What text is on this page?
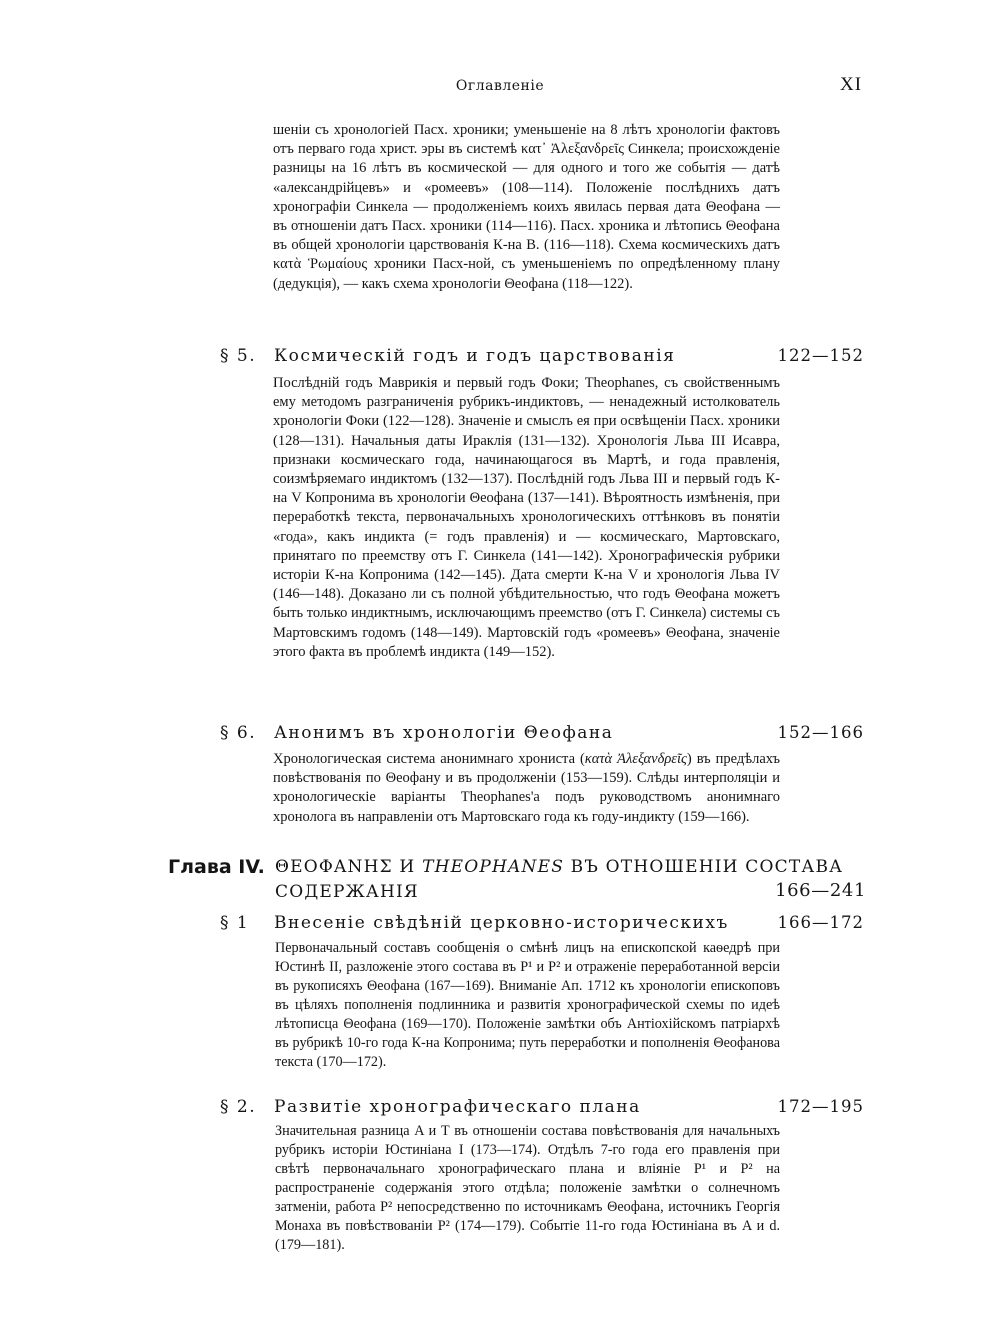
Оглавленіе	XI
шеніи съ хронологіей Пасх. хроники; уменьшеніе на 8 лѣтъ хронологіи фактовъ отъ перваго года христ. эры въ системѣ κατ᾽ Ἀλεξανδρεῖς Синкела; происхожденіе разницы на 16 лѣтъ въ космической — для одного и того же событія — датѣ «александрійцевъ» и «ромеевъ» (108—114). Положеніе послѣднихъ датъ хронографіи Синкела — продолженіемъ коихъ явилась первая дата Θеофана — въ отношеніи датъ Пасх. хроники (114—116). Пасх. хроника и лѣтопись Θеофана въ общей хронологіи царствованія К-на В. (116—118). Схема космическихъ датъ κατὰ Ῥωμαίους хроники Пасх-ной, съ уменьшеніемъ по опредѣленному плану (дедукція), — какъ схема хронологіи Θеофана (118—122).
§ 5. Космическій годъ и годъ царствованія	122—152
Послѣдній годъ Маврикія и первый годъ Фоки; Theophanes, съ свойственнымъ ему методомъ разграниченія рубрикъ-индиктовъ, — ненадежный истолкователь хронологіи Фоки (122—128). Значеніе и смыслъ ея при освѣщеніи Пасх. хроники (128—131). Начальныя даты Ираклія (131—132). Хронологія Льва III Исавра, признаки космическаго года, начинающагося въ Мартѣ, и года правленія, соизмѣряемаго индиктомъ (132—137). Послѣдній годъ Льва III и первый годъ К-на V Копронима въ хронологіи Θеофана (137—141). Вѣроятность измѣненія, при переработкѣ текста, первоначальныхъ хронологическихъ оттѣнковъ въ понятіи «года», какъ индикта (= годъ правленія) и — космическаго, Мартовскаго, принятаго по преемству отъ Г. Синкела (141—142). Хронографическія рубрики исторіи К-на Копронима (142—145). Дата смерти К-на V и хронологія Льва IV (146—148). Доказано ли съ полной убѣдительностью, что годъ Θеофана можетъ быть только индиктнымъ, исключающимъ преемство (отъ Г. Синкела) системы съ Мартовскимъ годомъ (148—149). Мартовскій годъ «ромеевъ» Θеофана, значеніе этого факта въ проблемѣ индикта (149—152).
§ 6. Анонимъ въ хронологіи Θеофана	152—166
Хронологическая система анонимнаго хрониста (κατὰ Ἀλεξανδρεῖς) въ предѣлахъ повѣствованія по Θеофану и въ продолженіи (153—159). Слѣды интерполяціи и хронологическіе варіанты Theophanes'а подъ руководствомъ анонимнаго хронолога въ направленіи отъ Мартовскаго года къ году-индикту (159—166).
Глава IV. ΘΕΟΦΑΝΗΣ И THEOPHANES ВЪ ОТНОШЕНІИ СОСТАВА
СОДЕРЖАНІЯ	166—241
§ 1 Внесеніе свѣдѣній церковно-историческихъ	166—172
Первоначальный составъ сообщенія о смѣнѣ лицъ на епископской каѳедрѣ при Юстинѣ II, разложеніе этого состава въ P¹ и P² и отраженіе переработанной версіи въ рукописяхъ Θеофана (167—169). Вниманіе Ап. 1712 къ хронологіи епископовъ въ цѣляхъ пополненія подлинника и развитія хронографической схемы по идеѣ лѣтописца Θеофана (169—170). Положеніе замѣтки объ Антіохійскомъ патріархѣ въ рубрикѣ 10-го года К-на Копронима; путь переработки и пополненія Θеофанова текста (170—172).
§ 2. Развитіе хронографическаго плана	172—195
Значительная разница A и T въ отношеніи состава повѣствованія для начальныхъ рубрикъ исторіи Юстиніана I (173—174). Отдѣлъ 7-го года его правленія при свѣтѣ первоначальнаго хронографическаго плана и вліяніе P¹ и P² на распространеніе содержанія этого отдѣла; положеніе замѣтки о солнечномъ затменіи, работа P² непосредственно по источникамъ Θеофана, источникъ Георгія Монаха въ повѣствованіи P² (174—179). Событіе 11-го года Юстиніана въ A и d. (179—181).
